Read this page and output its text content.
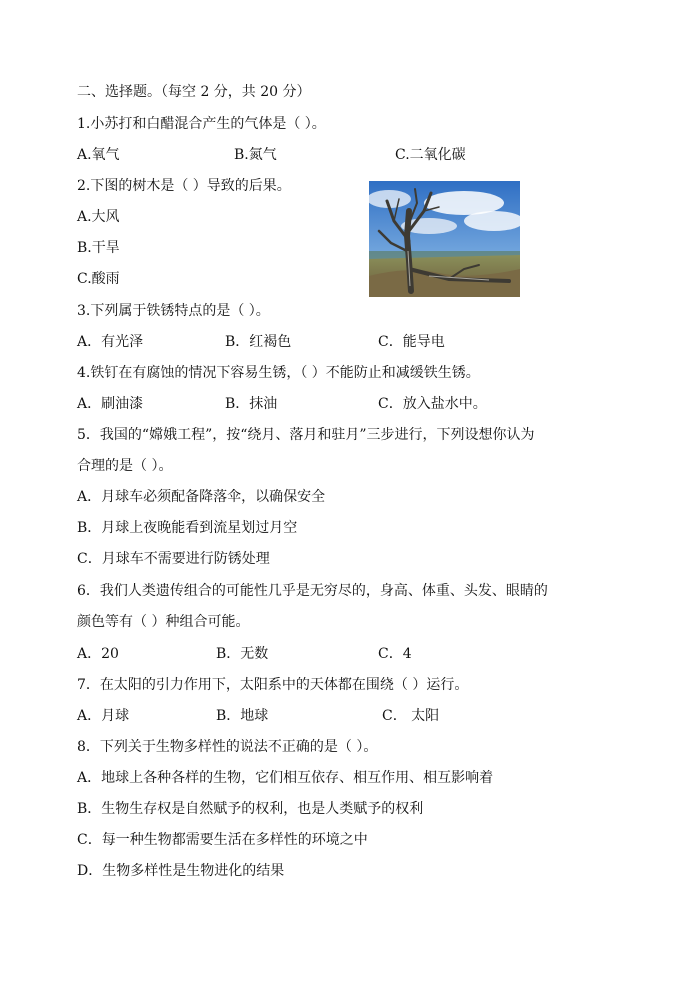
二、选择题。（每空 2 分，共 20 分）
1.小苏打和白醋混合产生的气体是（ ）。
A.氧气	B.氮气	C.二氧化碳
2.下图的树木是（ ）导致的后果。
A.大风
B.干旱
C.酸雨
3.下列属于铁锈特点的是（ ）。
A．有光泽	B．红褐色	C．能导电
4.铁钉在有腐蚀的情况下容易生锈，（ ）不能防止和减缓铁生锈。
A．刷油漆	B．抹油	C．放入盐水中。
5．我国的“嫦娥工程”，按“绕月、落月和驻月”三步进行，下列设想你认为
合理的是（ ）。
A．月球车必须配备降落伞，以确保安全
B．月球上夜晚能看到流星划过月空
C．月球车不需要进行防锈处理
6．我们人类遗传组合的可能性几乎是无穷尽的，身高、体重、头发、眼睛的
颜色等有（ ）种组合可能。
A．20	B．无数	C．4
7．在太阳的引力作用下，太阳系中的天体都在围绕（ ）运行。
A．月球	B．地球	C． 太阳
8．下列关于生物多样性的说法不正确的是（ ）。
A．地球上各种各样的生物，它们相互依存、相互作用、相互影响着
B．生物生存权是自然赋予的权利，也是人类赋予的权利
C．每一种生物都需要生活在多样性的环境之中
D．生物多样性是生物进化的结果
